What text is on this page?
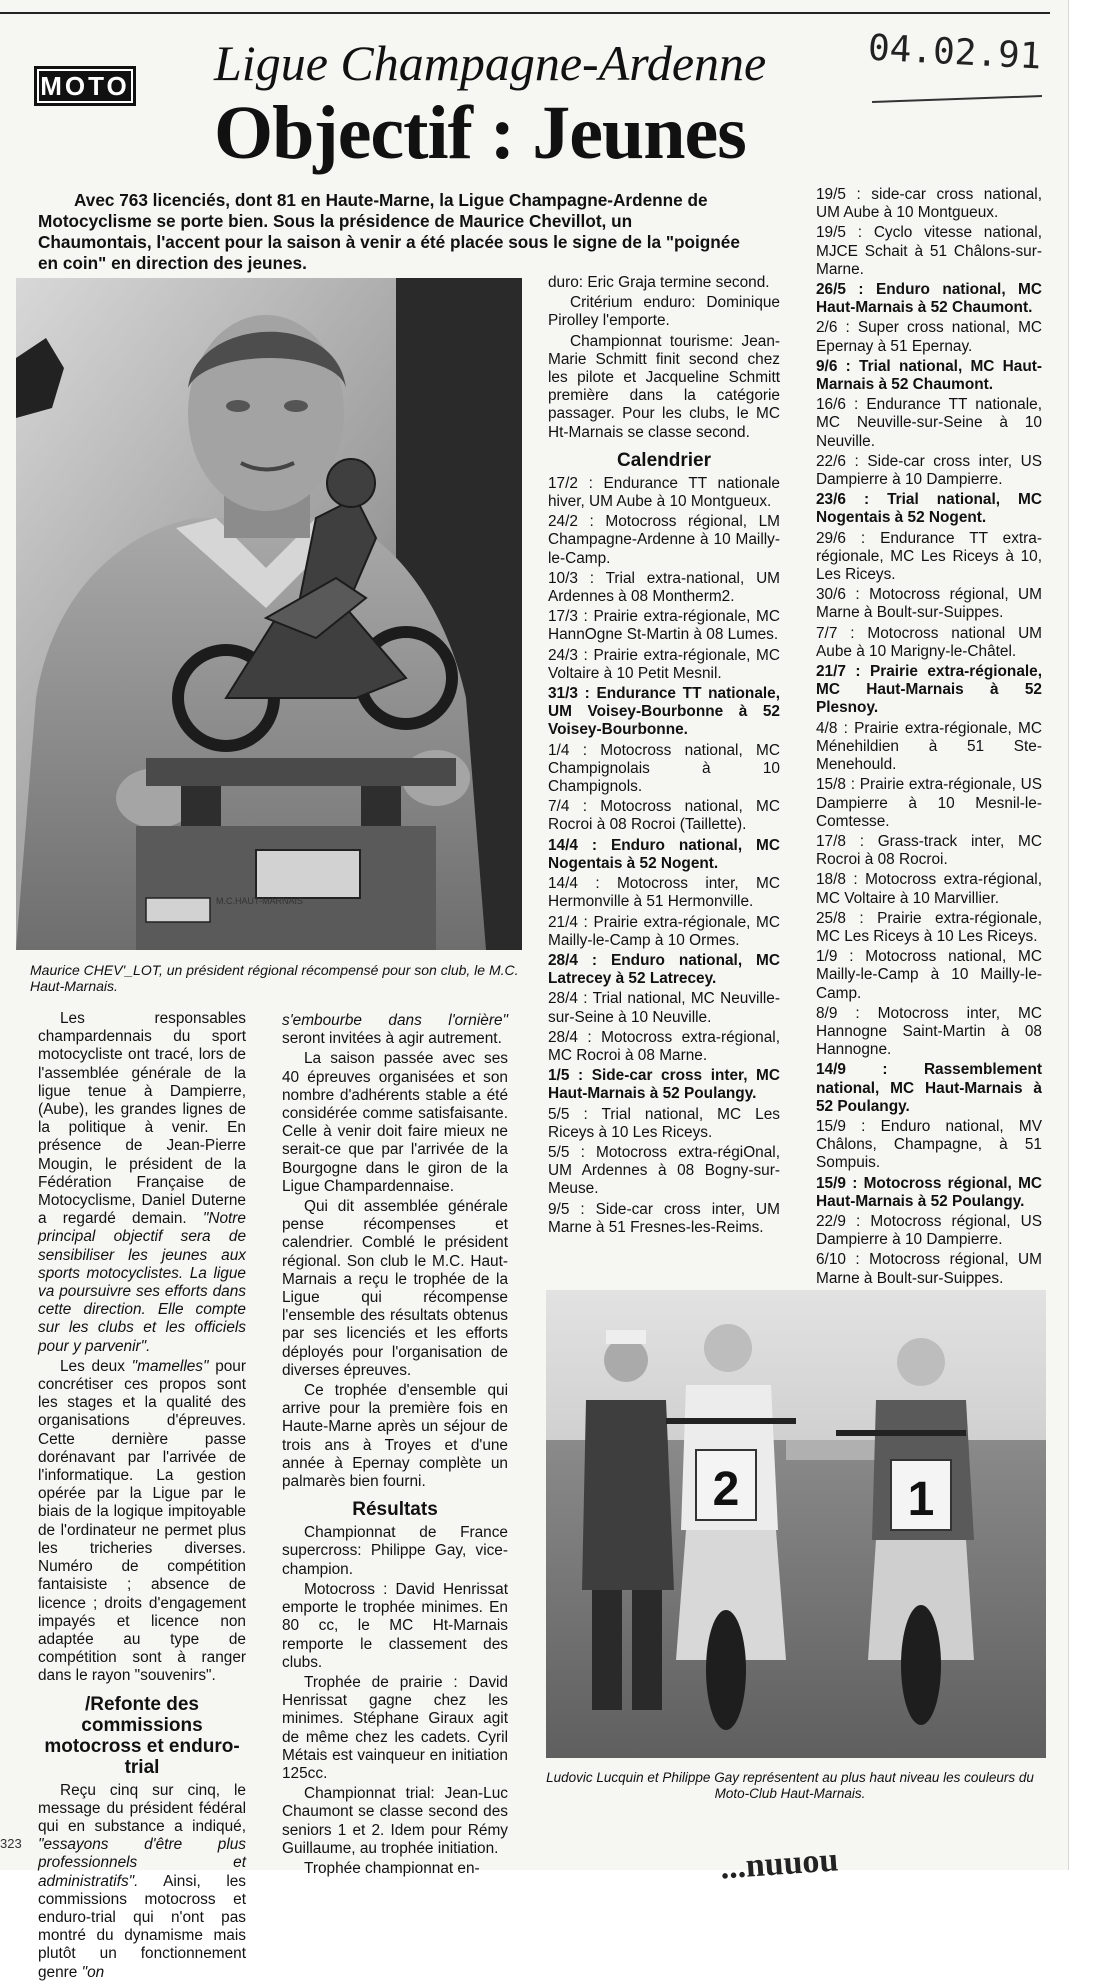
MOTO Ligue Champagne-Ardenne
Objectif : Jeunes
04.02.91
Avec 763 licenciés, dont 81 en Haute-Marne, la Ligue Champagne-Ardenne de Motocyclisme se porte bien. Sous la présidence de Maurice Chevillot, un Chaumontais, l'accent pour la saison à venir a été placée sous le signe de la "poignée en coin" en direction des jeunes.
M.C.HAUT-MARNAIS
Maurice CHEV'_LOT, un président régional récompensé pour son club, le M.C. Haut-Marnais.

Les responsables champardennais du sport motocycliste ont tracé, lors de l'assemblée générale de la ligue tenue à Dampierre, (Aube), les grandes lignes de la politique à venir. En présence de Jean-Pierre Mougin, le président de la Fédération Française de Motocyclisme, Daniel Duterne a regardé demain. "Notre principal objectif sera de sensibiliser les jeunes aux sports motocyclistes. La ligue va poursuivre ses efforts dans cette direction. Elle compte sur les clubs et les officiels pour y parvenir".

Les deux "mamelles" pour concrétiser ces propos sont les stages et la qualité des organisations d'épreuves. Cette dernière passe dorénavant par l'arrivée de l'informatique. La gestion opérée par la Ligue par le biais de la logique impitoyable de l'ordinateur ne permet plus les tricheries diverses. Numéro de compétition fantaisiste ; absence de licence ; droits d'engagement impayés et licence non adaptée au type de compétition sont à ranger dans le rayon "souvenirs".

/Refonte des commissions motocross et enduro-trial

Reçu cinq sur cinq, le message du président fédéral qui en substance a indiqué, "essayons d'être plus professionnels et administratifs". Ainsi, les commissions motocross et enduro-trial qui n'ont pas montré du dynamisme mais plutôt un fonctionnement genre "on

s'embourbe dans l'ornière" seront invitées à agir autrement.

La saison passée avec ses 40 épreuves organisées et son nombre d'adhérents stable a été considérée comme satisfaisante. Celle à venir doit faire mieux ne serait-ce que par l'arrivée de la Bourgogne dans le giron de la Ligue Champardennaise.

Qui dit assemblée générale pense récompenses et calendrier. Comblé le président régional. Son club le M.C. Haut-Marnais a reçu le trophée de la Ligue qui récompense l'ensemble des résultats obtenus par ses licenciés et les efforts déployés pour l'organisation de diverses épreuves.

Ce trophée d'ensemble qui arrive pour la première fois en Haute-Marne après un séjour de trois ans à Troyes et d'une année à Epernay complète un palmarès bien fourni.

Résultats

Championnat de France supercross: Philippe Gay, vice-champion.

Motocross : David Henrissat emporte le trophée minimes. En 80 cc, le MC Ht-Marnais remporte le classement des clubs.

Trophée de prairie : David Henrissat gagne chez les minimes. Stéphane Giraux agit de même chez les cadets. Cyril Métais est vainqueur en initiation 125cc.

Championnat trial: Jean-Luc Chaumont se classe second des seniors 1 et 2. Idem pour Rémy Guillaume, au trophée initiation.

Trophée championnat en-

duro: Eric Graja termine second.

Critérium enduro: Dominique Pirolley l'emporte.

Championnat tourisme: Jean-Marie Schmitt finit second chez les pilote et Jacqueline Schmitt première dans la catégorie passager. Pour les clubs, le MC Ht-Marnais se classe second.

Calendrier

17/2 : Endurance TT nationale hiver, UM Aube à 10 Montgueux.

24/2 : Motocross régional, LM Champagne-Ardenne à 10 Mailly-le-Camp.

10/3 : Trial extra-national, UM Ardennes à 08 Montherm2.

17/3 : Prairie extra-régionale, MC HannOgne St-Martin à 08 Lumes.

24/3 : Prairie extra-régionale, MC Voltaire à 10 Petit Mesnil.

31/3 : Endurance TT nationale, UM Voisey-Bourbonne à 52 Voisey-Bourbonne.

1/4 : Motocross national, MC Champignolais à 10 Champignols.

7/4 : Motocross national, MC Rocroi à 08 Rocroi (Taillette).

14/4 : Enduro national, MC Nogentais à 52 Nogent.

14/4 : Motocross inter, MC Hermonville à 51 Hermonville.

21/4 : Prairie extra-régionale, MC Mailly-le-Camp à 10 Ormes.

28/4 : Enduro national, MC Latrecey à 52 Latrecey.

28/4 : Trial national, MC Neuville-sur-Seine à 10 Neuville.

28/4 : Motocross extra-régional, MC Rocroi à 08 Marne.

1/5 : Side-car cross inter, MC Haut-Marnais à 52 Poulangy.

5/5 : Trial national, MC Les Riceys à 10 Les Riceys.

5/5 : Motocross extra-régiOnal, UM Ardennes à 08 Bogny-sur-Meuse.

9/5 : Side-car cross inter, UM Marne à 51 Fresnes-les-Reims.

19/5 : side-car cross national, UM Aube à 10 Montgueux.

19/5 : Cyclo vitesse national, MJCE Schait à 51 Châlons-sur-Marne.

26/5 : Enduro national, MC Haut-Marnais à 52 Chaumont.

2/6 : Super cross national, MC Epernay à 51 Epernay.

9/6 : Trial national, MC Haut-Marnais à 52 Chaumont.

16/6 : Endurance TT nationale, MC Neuville-sur-Seine à 10 Neuville.

22/6 : Side-car cross inter, US Dampierre à 10 Dampierre.

23/6 : Trial national, MC Nogentais à 52 Nogent.

29/6 : Endurance TT extra-régionale, MC Les Riceys à 10, Les Riceys.

30/6 : Motocross régional, UM Marne à Boult-sur-Suippes.

7/7 : Motocross national UM Aube à 10 Marigny-le-Châtel.

21/7 : Prairie extra-régionale, MC Haut-Marnais à 52 Plesnoy.

4/8 : Prairie extra-régionale, MC Ménehildien à 51 Ste-Menehould.

15/8 : Prairie extra-régionale, US Dampierre à 10 Mesnil-le-Comtesse.

17/8 : Grass-track inter, MC Rocroi à 08 Rocroi.

18/8 : Motocross extra-régional, MC Voltaire à 10 Marvillier.

25/8 : Prairie extra-régionale, MC Les Riceys à 10 Les Riceys.

1/9 : Motocross national, MC Mailly-le-Camp à 10 Mailly-le-Camp.

8/9 : Motocross inter, MC Hannogne Saint-Martin à 08 Hannogne.

14/9 : Rassemblement national, MC Haut-Marnais à 52 Poulangy.

15/9 : Enduro national, MV Châlons, Champagne, à 51 Sompuis.

15/9 : Motocross régional, MC Haut-Marnais à 52 Poulangy.

22/9 : Motocross régional, US Dampierre à 10 Dampierre.

6/10 : Motocross régional, UM Marne à Boult-sur-Suippes.

2	1
Ludovic Lucquin et Philippe Gay représentent au plus haut niveau les couleurs du Moto-Club Haut-Marnais.
323	...nuuou
